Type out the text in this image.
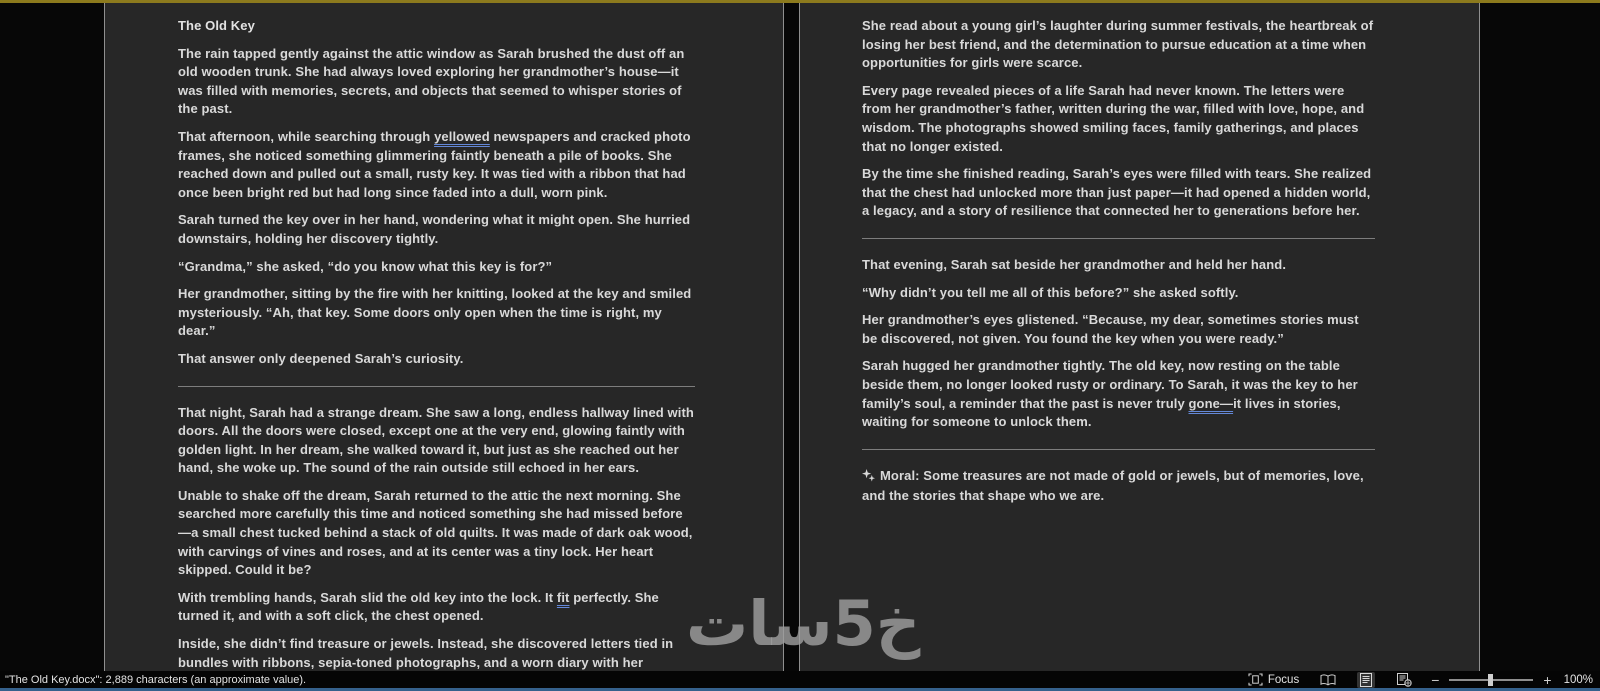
The Old Key

The rain tapped gently against the attic window as Sarah brushed the dust off an old wooden trunk. She had always loved exploring her grandmother’s house—it was filled with memories, secrets, and objects that seemed to whisper stories of the past.

That afternoon, while searching through yellowed newspapers and cracked photo frames, she noticed something glimmering faintly beneath a pile of books. She reached down and pulled out a small, rusty key. It was tied with a ribbon that had once been bright red but had long since faded into a dull, worn pink.

Sarah turned the key over in her hand, wondering what it might open. She hurried downstairs, holding her discovery tightly.

“Grandma,” she asked, “do you know what this key is for?”

Her grandmother, sitting by the fire with her knitting, looked at the key and smiled mysteriously. “Ah, that key. Some doors only open when the time is right, my dear.”

That answer only deepened Sarah’s curiosity.

That night, Sarah had a strange dream. She saw a long, endless hallway lined with doors. All the doors were closed, except one at the very end, glowing faintly with golden light. In her dream, she walked toward it, but just as she reached out her hand, she woke up. The sound of the rain outside still echoed in her ears.

Unable to shake off the dream, Sarah returned to the attic the next morning. She searched more carefully this time and noticed something she had missed before—a small chest tucked behind a stack of old quilts. It was made of dark oak wood, with carvings of vines and roses, and at its center was a tiny lock. Her heart skipped. Could it be?

With trembling hands, Sarah slid the old key into the lock. It fit perfectly. She turned it, and with a soft click, the chest opened.

Inside, she didn’t find treasure or jewels. Instead, she discovered letters tied in bundles with ribbons, sepia-toned photographs, and a worn diary with her

She read about a young girl’s laughter during summer festivals, the heartbreak of losing her best friend, and the determination to pursue education at a time when opportunities for girls were scarce.

Every page revealed pieces of a life Sarah had never known. The letters were from her grandmother’s father, written during the war, filled with love, hope, and wisdom. The photographs showed smiling faces, family gatherings, and places that no longer existed.

By the time she finished reading, Sarah’s eyes were filled with tears. She realized that the chest had unlocked more than just paper—it had opened a hidden world, a legacy, and a story of resilience that connected her to generations before her.

That evening, Sarah sat beside her grandmother and held her hand.

“Why didn’t you tell me all of this before?” she asked softly.

Her grandmother’s eyes glistened. “Because, my dear, sometimes stories must be discovered, not given. You found the key when you were ready.”

Sarah hugged her grandmother tightly. The old key, now resting on the table beside them, no longer looked rusty or ordinary. To Sarah, it was the key to her family’s soul, a reminder that the past is never truly gone—it lives in stories, waiting for someone to unlock them.

Moral: Some treasures are not made of gold or jewels, but of memories, love, and the stories that shape who we are.

خ5سات
"The Old Key.docx": 2,889 characters (an approximate value).	Focus	−	+ 100%
